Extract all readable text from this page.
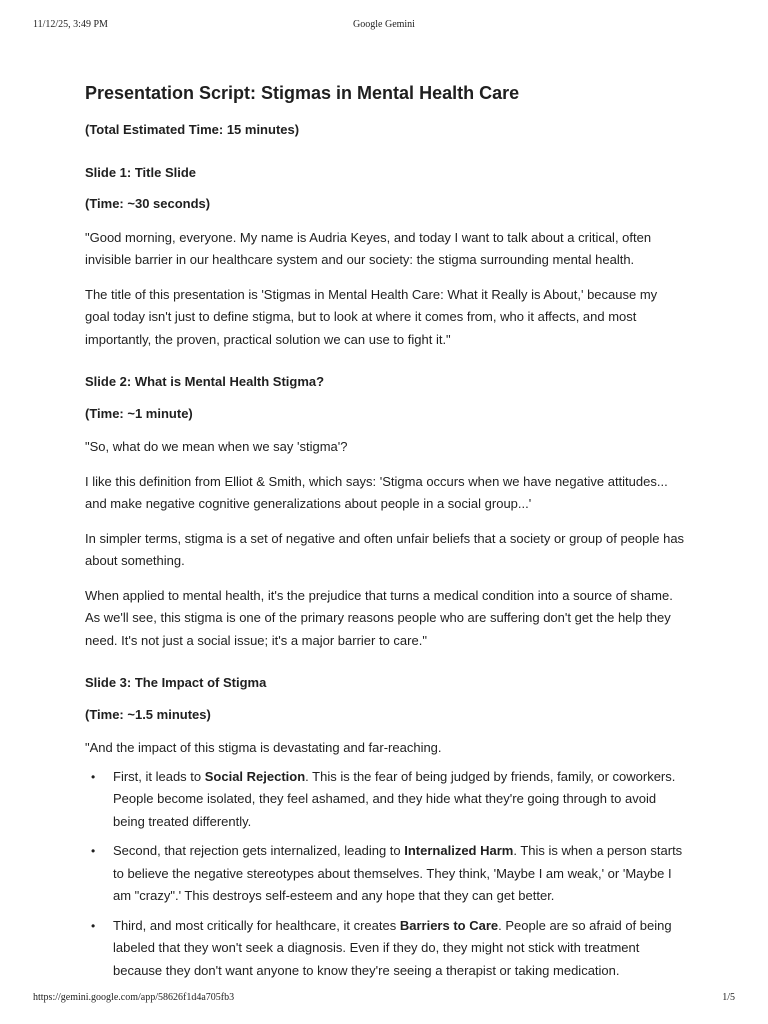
11/12/25, 3:49 PM	Google Gemini
Presentation Script: Stigmas in Mental Health Care

(Total Estimated Time: 15 minutes)

Slide 1: Title Slide

(Time: ~30 seconds)

"Good morning, everyone. My name is Audria Keyes, and today I want to talk about a critical, often invisible barrier in our healthcare system and our society: the stigma surrounding mental health.

The title of this presentation is 'Stigmas in Mental Health Care: What it Really is About,' because my goal today isn't just to define stigma, but to look at where it comes from, who it affects, and most importantly, the proven, practical solution we can use to fight it."

Slide 2: What is Mental Health Stigma?

(Time: ~1 minute)

"So, what do we mean when we say 'stigma'?

I like this definition from Elliot & Smith, which says: 'Stigma occurs when we have negative attitudes... and make negative cognitive generalizations about people in a social group...'

In simpler terms, stigma is a set of negative and often unfair beliefs that a society or group of people has about something.

When applied to mental health, it's the prejudice that turns a medical condition into a source of shame. As we'll see, this stigma is one of the primary reasons people who are suffering don't get the help they need. It's not just a social issue; it's a major barrier to care."

Slide 3: The Impact of Stigma

(Time: ~1.5 minutes)

"And the impact of this stigma is devastating and far-reaching.

• First, it leads to Social Rejection. This is the fear of being judged by friends, family, or coworkers. People become isolated, they feel ashamed, and they hide what they're going through to avoid being treated differently.
• Second, that rejection gets internalized, leading to Internalized Harm. This is when a person starts to believe the negative stereotypes about themselves. They think, 'Maybe I am weak,' or 'Maybe I am "crazy".' This destroys self-esteem and any hope that they can get better.
• Third, and most critically for healthcare, it creates Barriers to Care. People are so afraid of being labeled that they won't seek a diagnosis. Even if they do, they might not stick with treatment because they don't want anyone to know they're seeing a therapist or taking medication.
https://gemini.google.com/app/58626f1d4a705fb3	1/5
